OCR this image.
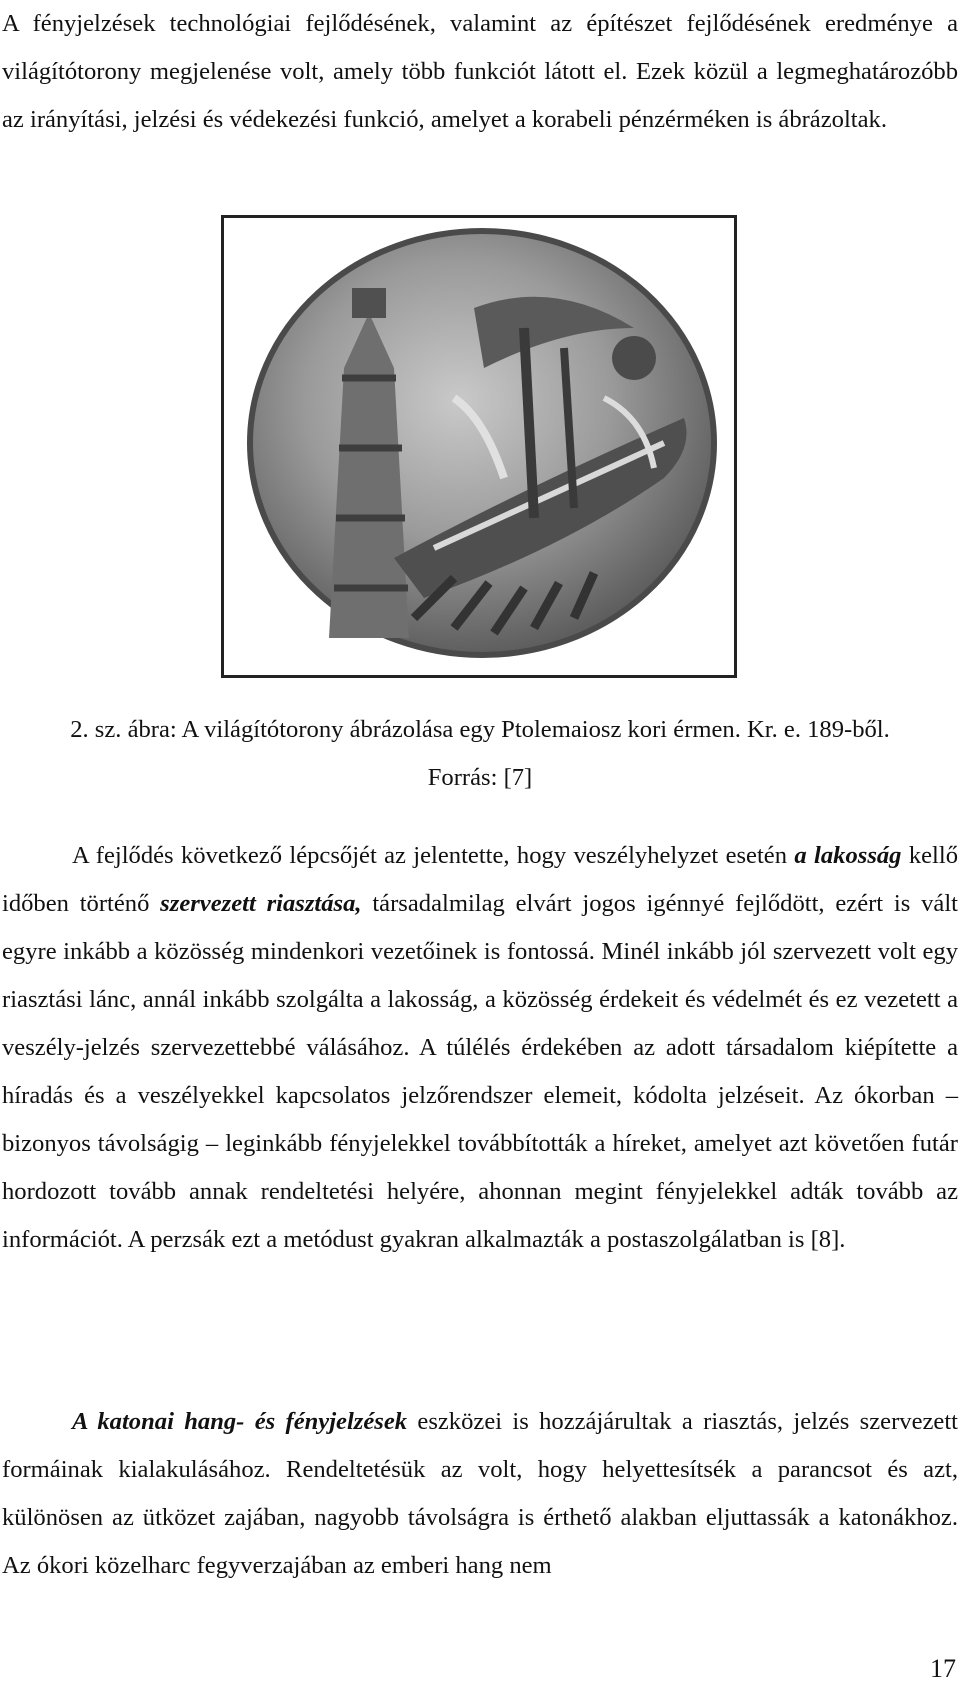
A fényjelzések technológiai fejlődésének, valamint az építészet fejlődésének eredménye a világítótorony megjelenése volt, amely több funkciót látott el. Ezek közül a legmeghatározóbb az irányítási, jelzési és védekezési funkció, amelyet a korabeli pénzérméken is ábrázoltak.

2. sz. ábra: A világítótorony ábrázolása egy Ptolemaiosz kori érmen. Kr. e. 189-ből.

Forrás: [7]

A fejlődés következő lépcsőjét az jelentette, hogy veszélyhelyzet esetén a lakosság kellő időben történő szervezett riasztása, társadalmilag elvárt jogos igénnyé fejlődött, ezért is vált egyre inkább a közösség mindenkori vezetőinek is fontossá. Minél inkább jól szervezett volt egy riasztási lánc, annál inkább szolgálta a lakosság, a közösség érdekeit és védelmét és ez vezetett a veszély-jelzés szervezettebbé válásához. A túlélés érdekében az adott társadalom kiépítette a híradás és a veszélyekkel kapcsolatos jelzőrendszer elemeit, kódolta jelzéseit. Az ókorban – bizonyos távolságig – leginkább fényjelekkel továbbították a híreket, amelyet azt követően futár hordozott tovább annak rendeltetési helyére, ahonnan megint fényjelekkel adták tovább az információt. A perzsák ezt a metódust gyakran alkalmazták a postaszolgálatban is [8].

A katonai hang- és fényjelzések eszközei is hozzájárultak a riasztás, jelzés szervezett formáinak kialakulásához. Rendeltetésük az volt, hogy helyettesítsék a parancsot és azt, különösen az ütközet zajában, nagyobb távolságra is érthető alakban eljuttassák a katonákhoz. Az ókori közelharc fegyverzajában az emberi hang nem

17
